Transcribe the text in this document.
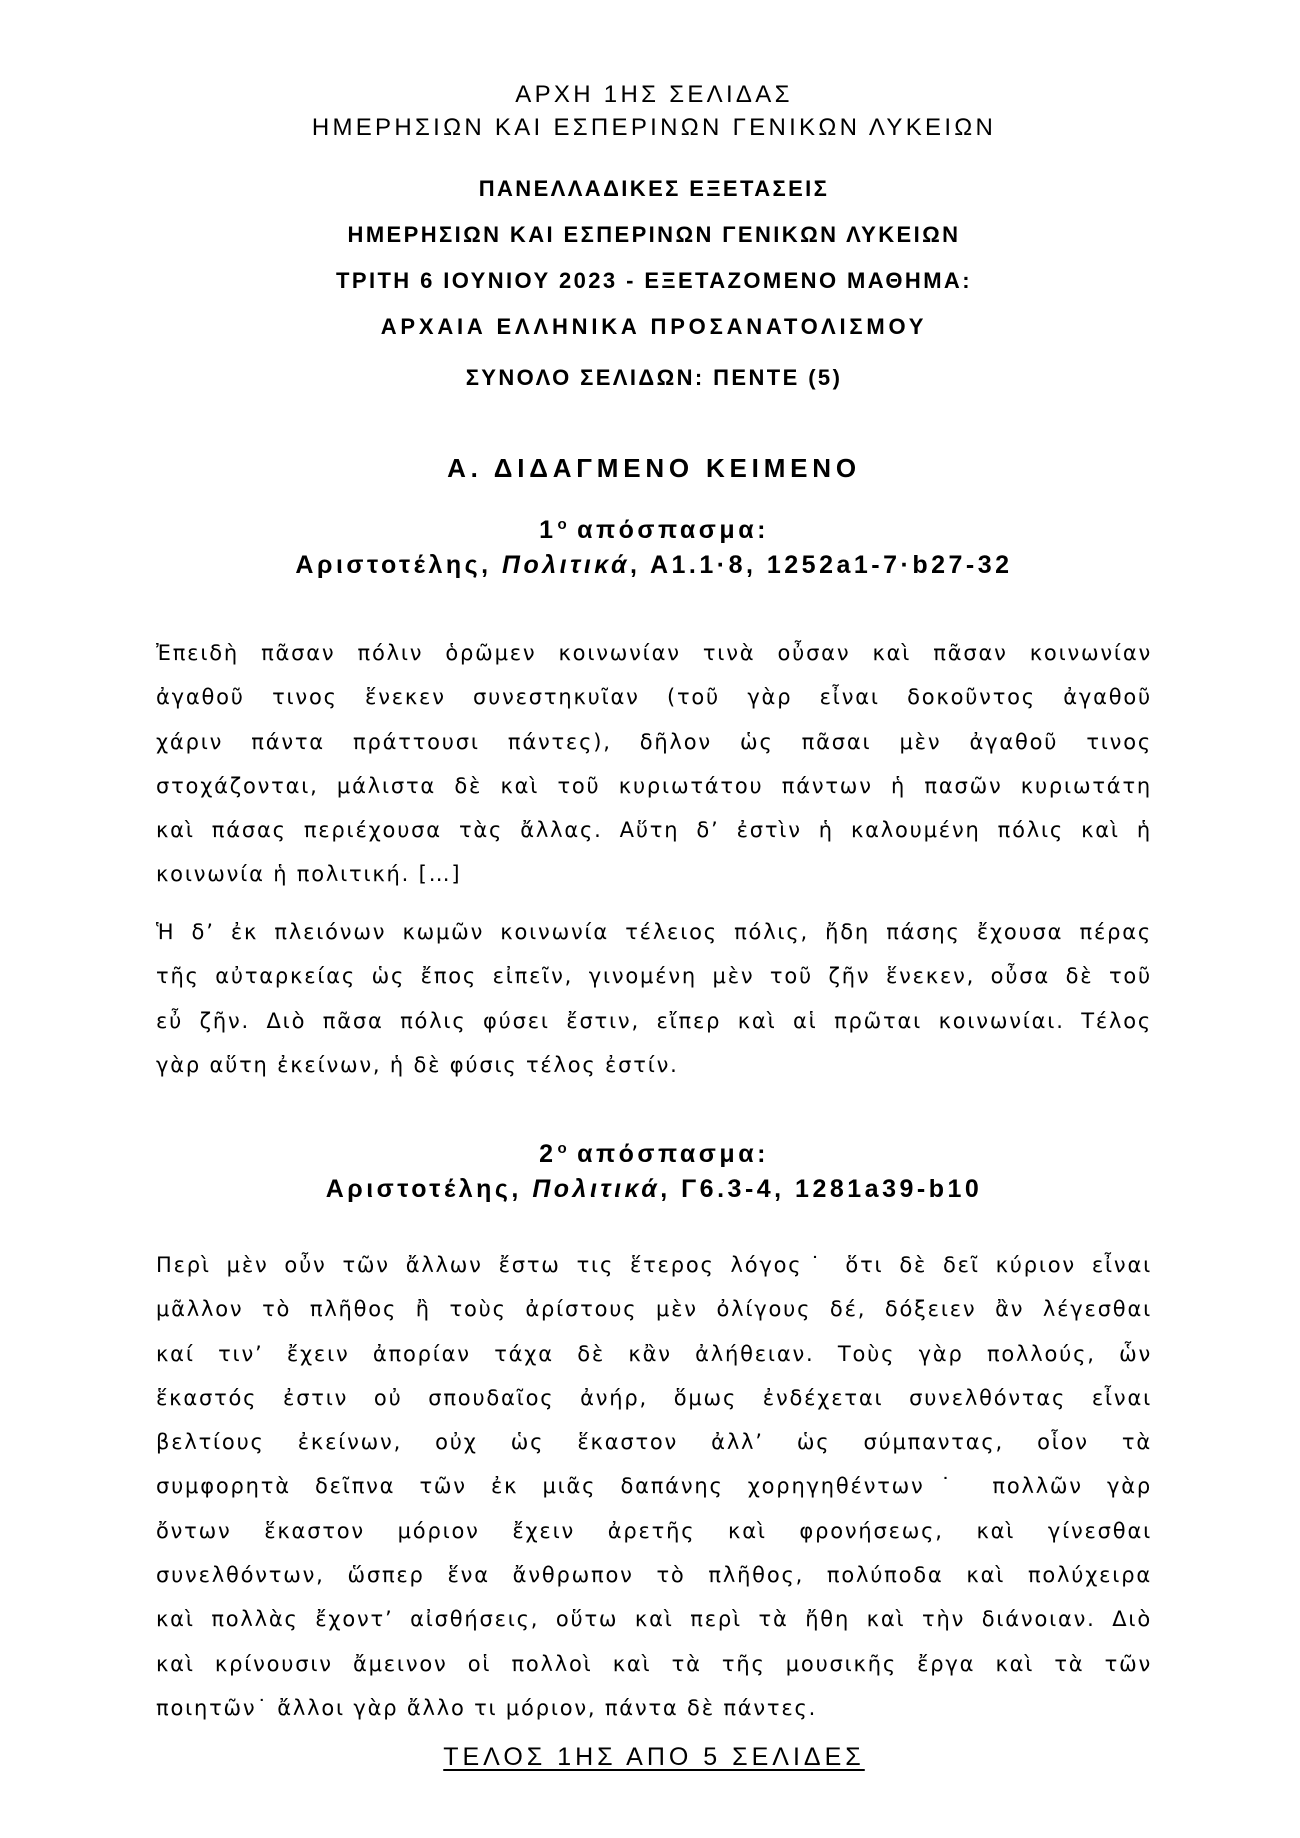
ΑΡΧΗ 1ΗΣ ΣΕΛΙΔΑΣ
ΗΜΕΡΗΣΙΩΝ ΚΑΙ ΕΣΠΕΡΙΝΩΝ ΓΕΝΙΚΩΝ ΛΥΚΕΙΩΝ
ΠΑΝΕΛΛΑΔΙΚΕΣ ΕΞΕΤΑΣΕΙΣ
ΗΜΕΡΗΣΙΩΝ ΚΑΙ ΕΣΠΕΡΙΝΩΝ ΓΕΝΙΚΩΝ ΛΥΚΕΙΩΝ
ΤΡΙΤΗ 6 ΙΟΥΝΙΟΥ 2023 - ΕΞΕΤΑΖΟΜΕΝΟ ΜΑΘΗΜΑ:
ΑΡΧΑΙΑ ΕΛΛΗΝΙΚΑ ΠΡΟΣΑΝΑΤΟΛΙΣΜΟΥ
ΣΥΝΟΛΟ ΣΕΛΙΔΩΝ: ΠΕΝΤΕ (5)
Α. ΔΙΔΑΓΜΕΝΟ ΚΕΙΜΕΝΟ
$1^o$ απόσπασμα:
Αριστοτέλης, Πολιτικά, Α1.1·8, 1252a1-7·b27-32
Ἐπειδὴ πᾶσαν πόλιν ὁρῶμεν κοινωνίαν τινὰ οὖσαν καὶ πᾶσαν κοινωνίαν
ἀγαθοῦ τινος ἕνεκεν συνεστηκυῖαν (τοῦ γὰρ εἶναι δοκοῦντος ἀγαθοῦ
χάριν πάντα πράττουσι πάντες), δῆλον ὡς πᾶσαι μὲν ἀγαθοῦ τινος
στοχάζονται, μάλιστα δὲ καὶ τοῦ κυριωτάτου πάντων ἡ πασῶν κυριωτάτη
καὶ πάσας περιέχουσα τὰς ἄλλας. Αὕτη δ’ ἐστὶν ἡ καλουμένη πόλις καὶ ἡ
κοινωνία ἡ πολιτική. […]
Ἡ δ’ ἐκ πλειόνων κωμῶν κοινωνία τέλειος πόλις, ἤδη πάσης ἔχουσα πέρας
τῆς αὐταρκείας ὡς ἔπος εἰπεῖν, γινομένη μὲν τοῦ ζῆν ἕνεκεν, οὖσα δὲ τοῦ
εὖ ζῆν. Διὸ πᾶσα πόλις φύσει ἔστιν, εἴπερ καὶ αἱ πρῶται κοινωνίαι. Τέλος
γὰρ αὕτη ἐκείνων, ἡ δὲ φύσις τέλος ἐστίν.
$2^o$ απόσπασμα:
Αριστοτέλης, Πολιτικά, Γ6.3-4, 1281a39-b10
Περὶ μὲν οὖν τῶν ἄλλων ἔστω τις ἕτερος λόγος˙ ὅτι δὲ δεῖ κύριον εἶναι
μᾶλλον τὸ πλῆθος ἢ τοὺς ἀρίστους μὲν ὀλίγους δέ, δόξειεν ἂν λέγεσθαι
καί τιν’ ἔχειν ἀπορίαν τάχα δὲ κἂν ἀλήθειαν. Τοὺς γὰρ πολλούς, ὧν
ἕκαστός ἐστιν οὐ σπουδαῖος ἀνήρ, ὅμως ἐνδέχεται συνελθόντας εἶναι
βελτίους ἐκείνων, οὐχ ὡς ἕκαστον ἀλλ’ ὡς σύμπαντας, οἷον τὰ
συμφορητὰ δεῖπνα τῶν ἐκ μιᾶς δαπάνης χορηγηθέντων˙ πολλῶν γὰρ
ὄντων ἕκαστον μόριον ἔχειν ἀρετῆς καὶ φρονήσεως, καὶ γίνεσθαι
συνελθόντων, ὥσπερ ἕνα ἄνθρωπον τὸ πλῆθος, πολύποδα καὶ πολύχειρα
καὶ πολλὰς ἔχοντ’ αἰσθήσεις, οὕτω καὶ περὶ τὰ ἤθη καὶ τὴν διάνοιαν. Διὸ
καὶ κρίνουσιν ἄμεινον οἱ πολλοὶ καὶ τὰ τῆς μουσικῆς ἔργα καὶ τὰ τῶν
ποιητῶν˙ ἄλλοι γὰρ ἄλλο τι μόριον, πάντα δὲ πάντες.
ΤΕΛΟΣ 1ΗΣ ΑΠΟ 5 ΣΕΛΙΔΕΣ
